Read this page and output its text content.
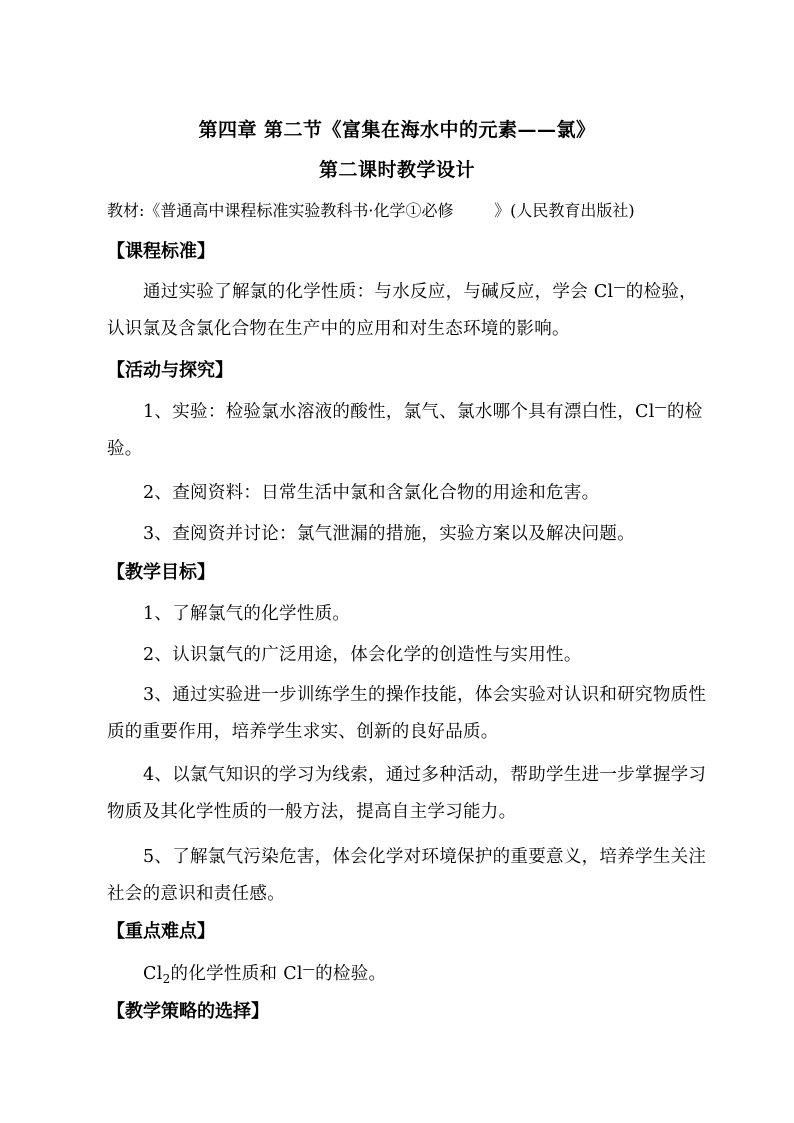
第四章 第二节《富集在海水中的元素——氯》
第二课时教学设计
教材:《普通高中课程标准实验教科书·化学①必修        》(人民教育出版社)
【课程标准】
通过实验了解氯的化学性质：与水反应，与碱反应，学会 Cl—的检验，认识氯及含氯化合物在生产中的应用和对生态环境的影响。
【活动与探究】
1、实验：检验氯水溶液的酸性，氯气、氯水哪个具有漂白性，Cl—的检验。
2、查阅资料：日常生活中氯和含氯化合物的用途和危害。
3、查阅资并讨论：氯气泄漏的措施，实验方案以及解决问题。
【教学目标】
1、了解氯气的化学性质。
2、认识氯气的广泛用途，体会化学的创造性与实用性。
3、通过实验进一步训练学生的操作技能，体会实验对认识和研究物质性质的重要作用，培养学生求实、创新的良好品质。
4、以氯气知识的学习为线索，通过多种活动，帮助学生进一步掌握学习物质及其化学性质的一般方法，提高自主学习能力。
5、了解氯气污染危害，体会化学对环境保护的重要意义，培养学生关注社会的意识和责任感。
【重点难点】
$Cl_2$的化学性质和 Cl—的检验。
【教学策略的选择】
